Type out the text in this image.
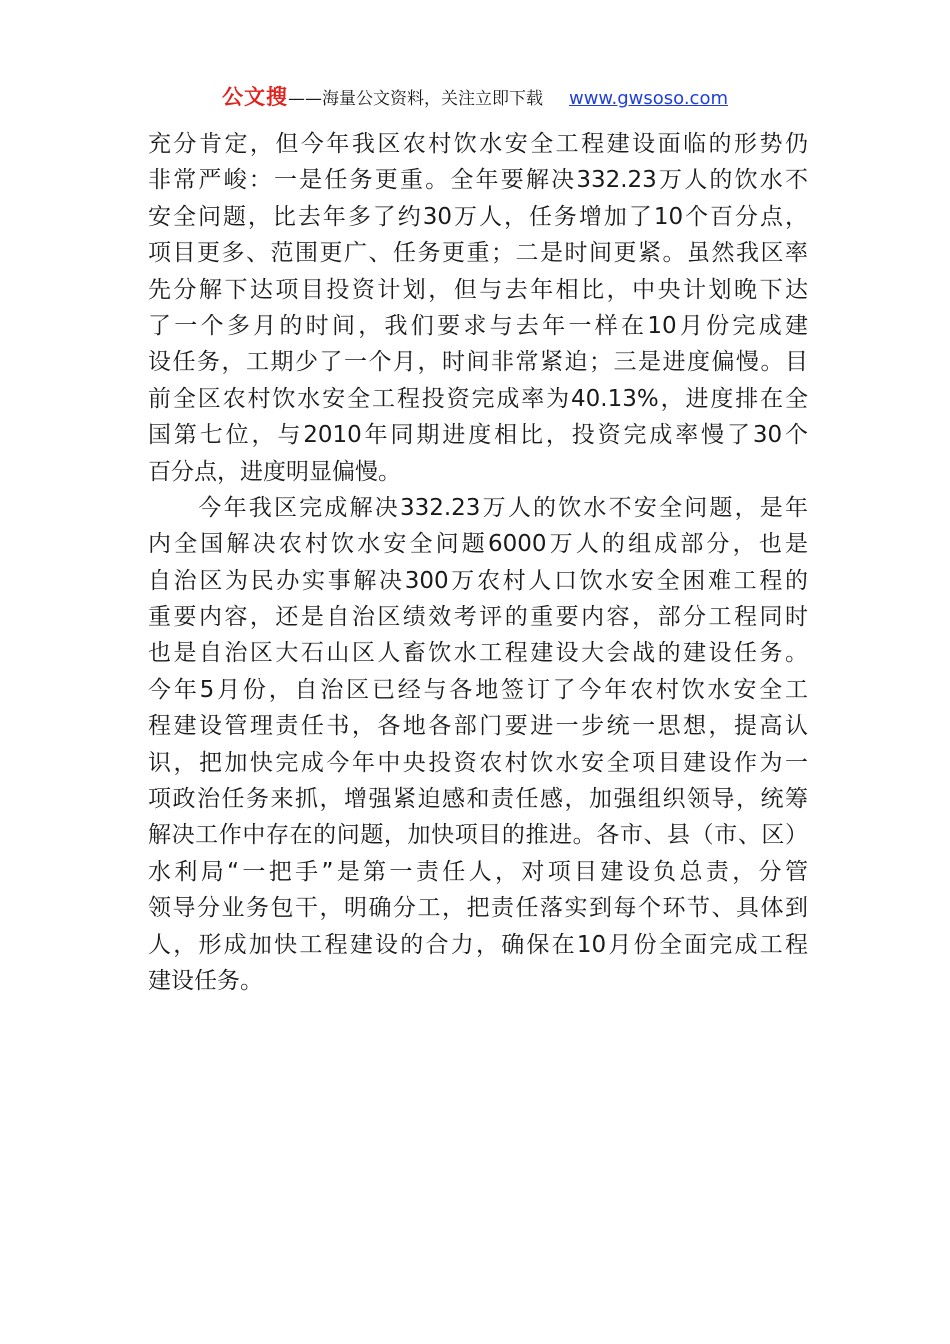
公文搜——海量公文资料，关注立即下载 www.gwsoso.com
充分肯定，但今年我区农村饮水安全工程建设面临的形势仍
非常严峻：一是任务更重。全年要解决332.23万人的饮水不
安全问题，比去年多了约30万人，任务增加了10个百分点，
项目更多、范围更广、任务更重；二是时间更紧。虽然我区率
先分解下达项目投资计划，但与去年相比，中央计划晚下达
了一个多月的时间，我们要求与去年一样在10月份完成建
设任务，工期少了一个月，时间非常紧迫；三是进度偏慢。目
前全区农村饮水安全工程投资完成率为40.13%，进度排在全
国第七位，与2010年同期进度相比，投资完成率慢了30个
百分点，进度明显偏慢。
　　今年我区完成解决332.23万人的饮水不安全问题，是年
内全国解决农村饮水安全问题6000万人的组成部分，也是
自治区为民办实事解决300万农村人口饮水安全困难工程的
重要内容，还是自治区绩效考评的重要内容，部分工程同时
也是自治区大石山区人畜饮水工程建设大会战的建设任务。
今年5月份，自治区已经与各地签订了今年农村饮水安全工
程建设管理责任书，各地各部门要进一步统一思想，提高认
识，把加快完成今年中央投资农村饮水安全项目建设作为一
项政治任务来抓，增强紧迫感和责任感，加强组织领导，统筹
解决工作中存在的问题，加快项目的推进。各市、县（市、区）
水利局“一把手”是第一责任人，对项目建设负总责，分管
领导分业务包干，明确分工，把责任落实到每个环节、具体到
人，形成加快工程建设的合力，确保在10月份全面完成工程
建设任务。
